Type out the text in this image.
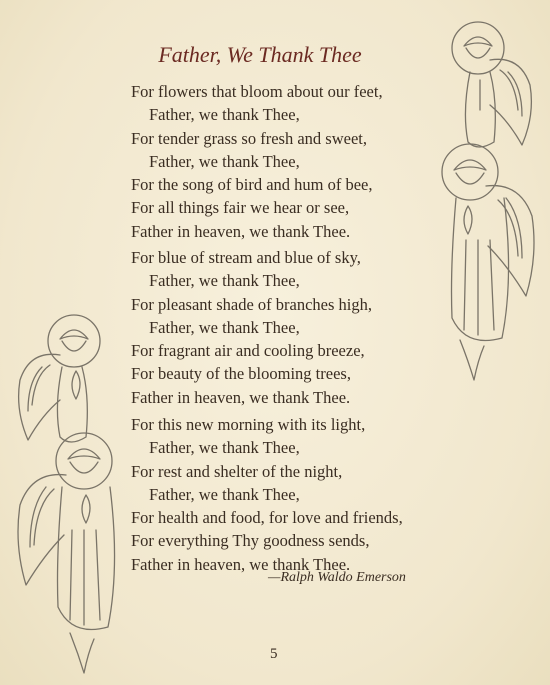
Father, We Thank Thee
For flowers that bloom about our feet,
Father, we thank Thee,
For tender grass so fresh and sweet,
Father, we thank Thee,
For the song of bird and hum of bee,
For all things fair we hear or see,
Father in heaven, we thank Thee.
For blue of stream and blue of sky,
Father, we thank Thee,
For pleasant shade of branches high,
Father, we thank Thee,
For fragrant air and cooling breeze,
For beauty of the blooming trees,
Father in heaven, we thank Thee.
For this new morning with its light,
Father, we thank Thee,
For rest and shelter of the night,
Father, we thank Thee,
For health and food, for love and friends,
For everything Thy goodness sends,
Father in heaven, we thank Thee.
—Ralph Waldo Emerson
5
